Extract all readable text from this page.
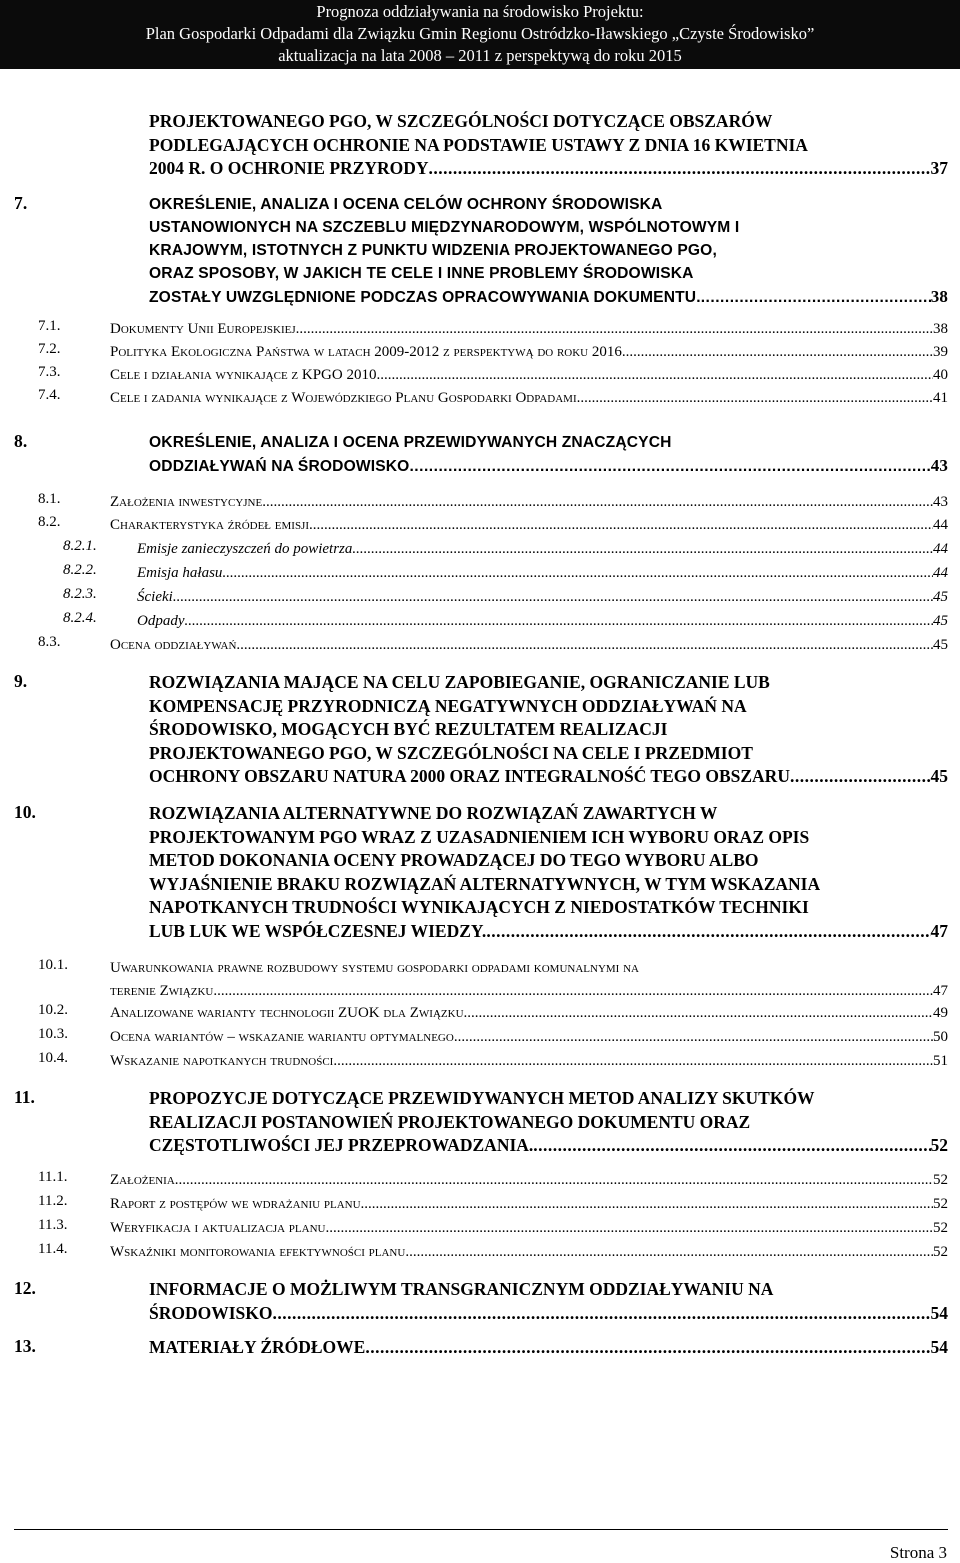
Prognoza oddziaływania na środowisko Projektu:
Plan Gospodarki Odpadami dla Związku Gmin Regionu Ostródzko-Iławskiego „Czyste Środowisko”
aktualizacja na lata 2008 – 2011 z perspektywą do roku 2015
PROJEKTOWANEGO PGO, W SZCZEGÓLNOŚCI DOTYCZĄCE OBSZARÓW
PODLEGAJĄCYCH OCHRONIE NA PODSTAWIE USTAWY Z DNIA 16 KWIETNIA
2004 R. O OCHRONIE PRZYRODY .....	37
7.	OKREŚLENIE, ANALIZA I OCENA CELÓW OCHRONY ŚRODOWISKA
USTANOWIONYCH NA SZCZEBLU MIĘDZYNARODOWYM, WSPÓLNOTOWYM I
KRAJOWYM, ISTOTNYCH Z PUNKTU WIDZENIA PROJEKTOWANEGO PGO,
ORAZ SPOSOBY, W JAKICH TE CELE I INNE PROBLEMY ŚRODOWISKA
ZOSTAŁY UWZGLĘDNIONE PODCZAS OPRACOWYWANIA DOKUMENTU. .....	38
7.1.	Dokumenty Unii Europejskiej .....	38
7.2.	Polityka Ekologiczna Państwa w latach 2009-2012 z perspektywą do roku 2016. .....	39
7.3.	Cele i działania wynikające z KPGO 2010 .....	40
7.4.	Cele i zadania wynikające z Wojewódzkiego Planu Gospodarki Odpadami .....	41
8.	OKREŚLENIE, ANALIZA I OCENA PRZEWIDYWANYCH ZNACZĄCYCH
ODDZIAŁYWAŃ NA ŚRODOWISKO .....	43
8.1.	Założenia inwestycyjne .....	43
8.2.	Charakterystyka źródeł emisji .....	44
8.2.1.	Emisje zanieczyszczeń do powietrza .....	44
8.2.2.	Emisja hałasu .....	44
8.2.3.	Ścieki .....	45
8.2.4.	Odpady .....	45
8.3.	Ocena oddziaływań .....	45
9.	ROZWIĄZANIA MAJĄCE NA CELU ZAPOBIEGANIE, OGRANICZANIE LUB
KOMPENSACJĘ PRZYRODNICZĄ NEGATYWNYCH ODDZIAŁYWAŃ NA
ŚRODOWISKO, MOGĄCYCH BYĆ REZULTATEM REALIZACJI
PROJEKTOWANEGO PGO, W SZCZEGÓLNOŚCI NA CELE I PRZEDMIOT
OCHRONY OBSZARU NATURA 2000 ORAZ INTEGRALNOŚĆ TEGO OBSZARU .....	45
10.	ROZWIĄZANIA ALTERNATYWNE DO ROZWIĄZAŃ ZAWARTYCH W
PROJEKTOWANYM PGO WRAZ Z UZASADNIENIEM ICH WYBORU ORAZ OPIS
METOD DOKONANIA OCENY PROWADZĄCEJ DO TEGO WYBORU ALBO
WYJAŚNIENIE BRAKU ROZWIĄZAŃ ALTERNATYWNYCH, W TYM WSKAZANIA
NAPOTKANYCH TRUDNOŚCI WYNIKAJĄCYCH Z NIEDOSTATKÓW TECHNIKI
LUB LUK WE WSPÓŁCZESNEJ WIEDZY. .....	47
10.1.	Uwarunkowania prawne rozbudowy systemu gospodarki odpadami komunalnymi na
terenie Związku .....	47
10.2.	Analizowane warianty technologii ZUOK dla Związku .....	49
10.3.	Ocena wariantów – wskazanie wariantu optymalnego .....	50
10.4.	Wskazanie napotkanych trudności .....	51
11.	PROPOZYCJE DOTYCZĄCE PRZEWIDYWANYCH METOD ANALIZY SKUTKÓW
REALIZACJI POSTANOWIEŃ PROJEKTOWANEGO DOKUMENTU ORAZ
CZĘSTOTLIWOŚCI JEJ PRZEPROWADZANIA. .....	52
11.1.	Założenia .....	52
11.2.	Raport z postępów we wdrażaniu planu .....	52
11.3.	Weryfikacja i aktualizacja planu .....	52
11.4.	Wskaźniki monitorowania efektywności planu .....	52
12.	INFORMACJE O MOŻLIWYM TRANSGRANICZNYM ODDZIAŁYWANIU NA
ŚRODOWISKO .....	54
13.	MATERIAŁY ŹRÓDŁOWE .....	54
Strona 3
